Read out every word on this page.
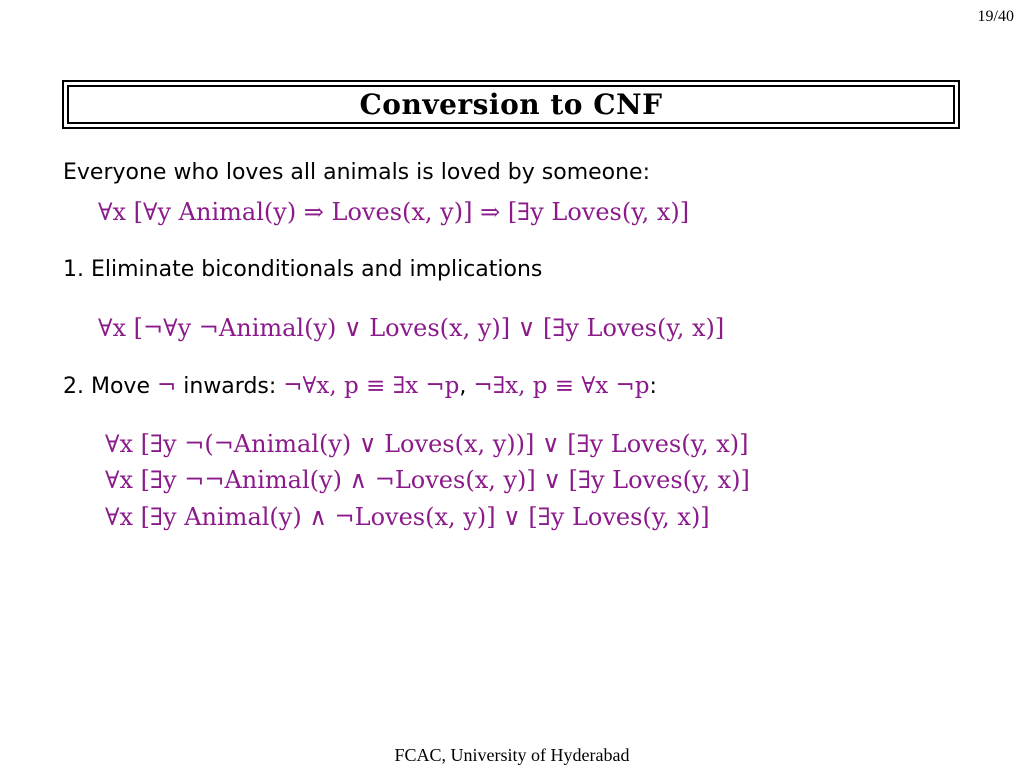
19/40
Conversion to CNF
Everyone who loves all animals is loved by someone:
∀x [∀y Animal(y) ⇒ Loves(x, y)] ⇒ [∃y Loves(y, x)]
1. Eliminate biconditionals and implications
∀x [¬∀y ¬Animal(y) ∨ Loves(x, y)] ∨ [∃y Loves(y, x)]
2. Move ¬ inwards: ¬∀x, p ≡ ∃x ¬p, ¬∃x, p ≡ ∀x ¬p:
∀x [∃y ¬(¬Animal(y) ∨ Loves(x, y))] ∨ [∃y Loves(y, x)]
∀x [∃y ¬¬Animal(y) ∧ ¬Loves(x, y)] ∨ [∃y Loves(y, x)]
∀x [∃y Animal(y) ∧ ¬Loves(x, y)] ∨ [∃y Loves(y, x)]
FCAC, University of Hyderabad
